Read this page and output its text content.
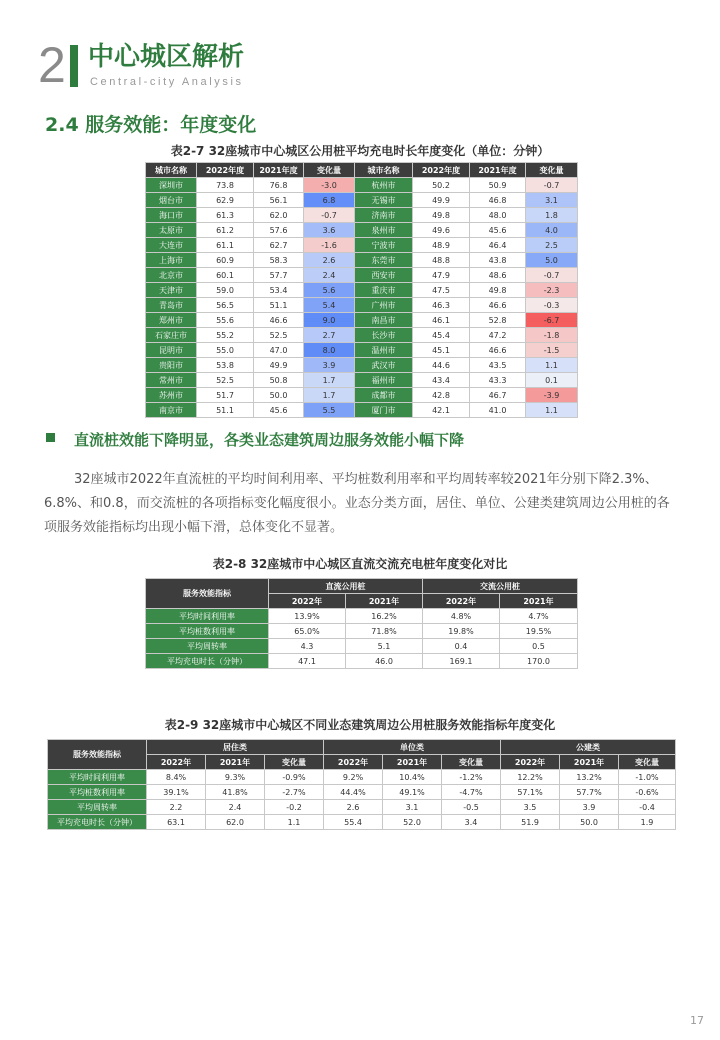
2 中心城区解析
Central-city Analysis
2.4 服务效能：年度变化
表2-7 32座城市中心城区公用桩平均充电时长年度变化（单位：分钟）
城市名称	2022年度	2021年度	变化量	城市名称	2022年度	2021年度	变化量
深圳市	73.8	76.8	-3.0	杭州市	50.2	50.9	-0.7
烟台市	62.9	56.1	6.8	无锡市	49.9	46.8	3.1
海口市	61.3	62.0	-0.7	济南市	49.8	48.0	1.8
太原市	61.2	57.6	3.6	泉州市	49.6	45.6	4.0
大连市	61.1	62.7	-1.6	宁波市	48.9	46.4	2.5
上海市	60.9	58.3	2.6	东莞市	48.8	43.8	5.0
北京市	60.1	57.7	2.4	西安市	47.9	48.6	-0.7
天津市	59.0	53.4	5.6	重庆市	47.5	49.8	-2.3
青岛市	56.5	51.1	5.4	广州市	46.3	46.6	-0.3
郑州市	55.6	46.6	9.0	南昌市	46.1	52.8	-6.7
石家庄市	55.2	52.5	2.7	长沙市	45.4	47.2	-1.8
昆明市	55.0	47.0	8.0	温州市	45.1	46.6	-1.5
贵阳市	53.8	49.9	3.9	武汉市	44.6	43.5	1.1
常州市	52.5	50.8	1.7	福州市	43.4	43.3	0.1
苏州市	51.7	50.0	1.7	成都市	42.8	46.7	-3.9
南京市	51.1	45.6	5.5	厦门市	42.1	41.0	1.1
直流桩效能下降明显，各类业态建筑周边服务效能小幅下降
32座城市2022年直流桩的平均时间利用率、平均桩数利用率和平均周转率较2021年分别下降2.3%、6.8%、和0.8，而交流桩的各项指标变化幅度很小。业态分类方面，居住、单位、公建类建筑周边公用桩的各项服务效能指标均出现小幅下滑，总体变化不显著。
表2-8 32座城市中心城区直流交流充电桩年度变化对比
服务效能指标	直流公用桩		交流公用桩	
	2022年	2021年	2022年	2021年
平均时间利用率	13.9%	16.2%	4.8%	4.7%
平均桩数利用率	65.0%	71.8%	19.8%	19.5%
平均周转率	4.3	5.1	0.4	0.5
平均充电时长（分钟）	47.1	46.0	169.1	170.0
表2-9 32座城市中心城区不同业态建筑周边公用桩服务效能指标年度变化
服务效能指标	居住类			单位类			公建类		
	2022年	2021年	变化量	2022年	2021年	变化量	2022年	2021年	变化量
平均时间利用率	8.4%	9.3%	-0.9%	9.2%	10.4%	-1.2%	12.2%	13.2%	-1.0%
平均桩数利用率	39.1%	41.8%	-2.7%	44.4%	49.1%	-4.7%	57.1%	57.7%	-0.6%
平均周转率	2.2	2.4	-0.2	2.6	3.1	-0.5	3.5	3.9	-0.4
平均充电时长（分钟）	63.1	62.0	1.1	55.4	52.0	3.4	51.9	50.0	1.9
17
